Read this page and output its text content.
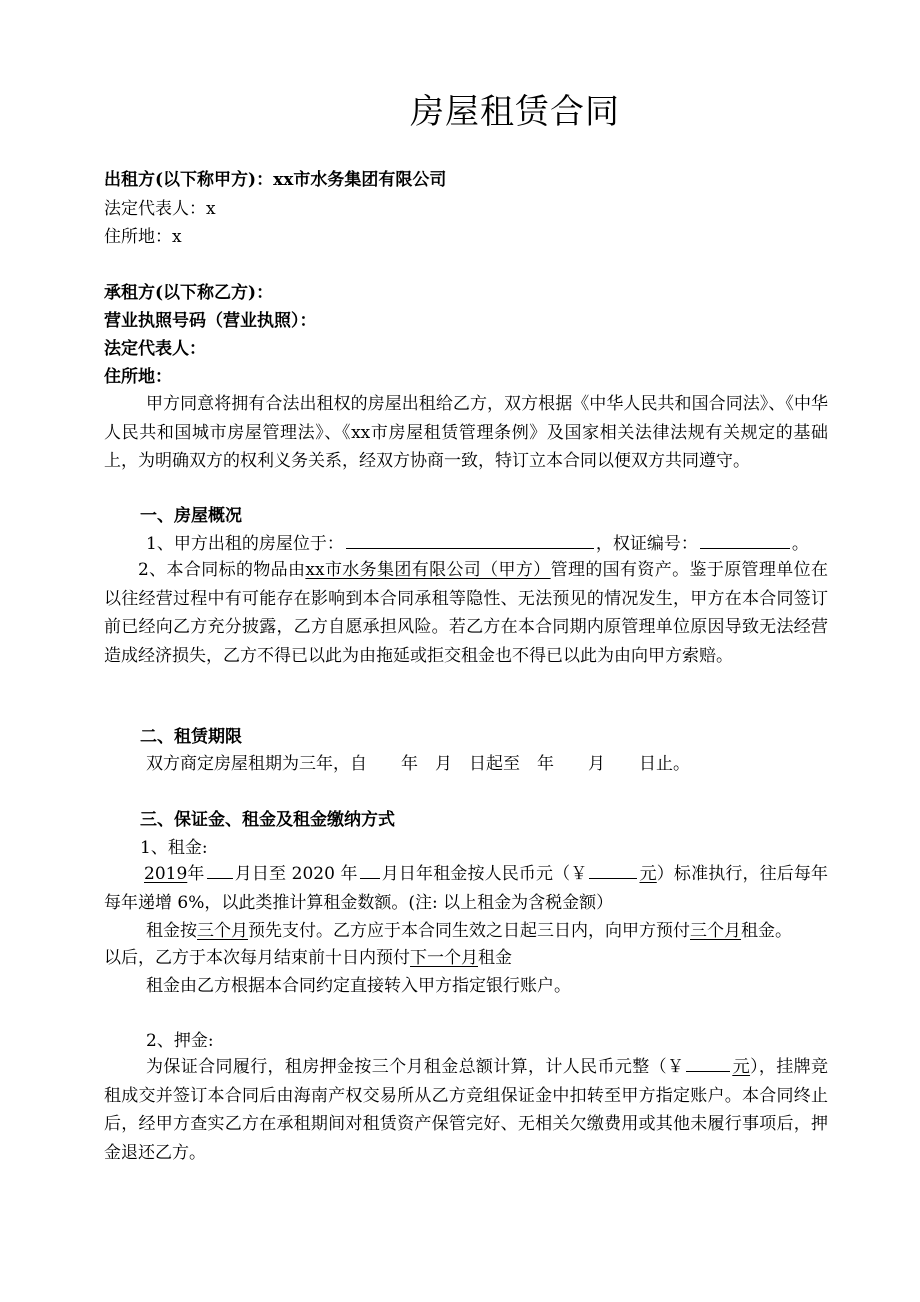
房屋租赁合同
出租方(以下称甲方)：xx市水务集团有限公司
法定代表人：x
住所地：x
承租方(以下称乙方)：
营业执照号码（营业执照）：
法定代表人：
住所地：
甲方同意将拥有合法出租权的房屋出租给乙方，双方根据《中华人民共和国合同法》、《中华人民共和国城市房屋管理法》、《xx市房屋租赁管理条例》及国家相关法律法规有关规定的基础上，为明确双方的权利义务关系，经双方协商一致，特订立本合同以便双方共同遵守。
一、房屋概况
1、甲方出租的房屋位于：	，权证编号：	。
2、本合同标的物品由xx市水务集团有限公司（甲方）管理的国有资产。鉴于原管理单位在以往经营过程中有可能存在影响到本合同承租等隐性、无法预见的情况发生，甲方在本合同签订前已经向乙方充分披露，乙方自愿承担风险。若乙方在本合同期内原管理单位原因导致无法经营造成经济损失，乙方不得已以此为由拖延或拒交租金也不得已以此为由向甲方索赔。
二、租赁期限
双方商定房屋租期为三年，自　　年　月　日起至　年　　月　　日止。
三、保证金、租金及租金缴纳方式
1、租金:
2019年 月日至 2020 年 月日年租金按人民币元（￥	元）标准执行，往后每年每年递增 6%，以此类推计算租金数额。(注: 以上租金为含税金额）
租金按三个月预先支付。乙方应于本合同生效之日起三日内，向甲方预付三个月租金。
以后，乙方于本次每月结束前十日内预付下一个月租金
租金由乙方根据本合同约定直接转入甲方指定银行账户。
2、押金:
为保证合同履行，租房押金按三个月租金总额计算，计人民币元整（￥	元），挂牌竞租成交并签订本合同后由海南产权交易所从乙方竞组保证金中扣转至甲方指定账户。本合同终止后，经甲方查实乙方在承租期间对租赁资产保管完好、无相关欠缴费用或其他未履行事项后，押金退还乙方。
